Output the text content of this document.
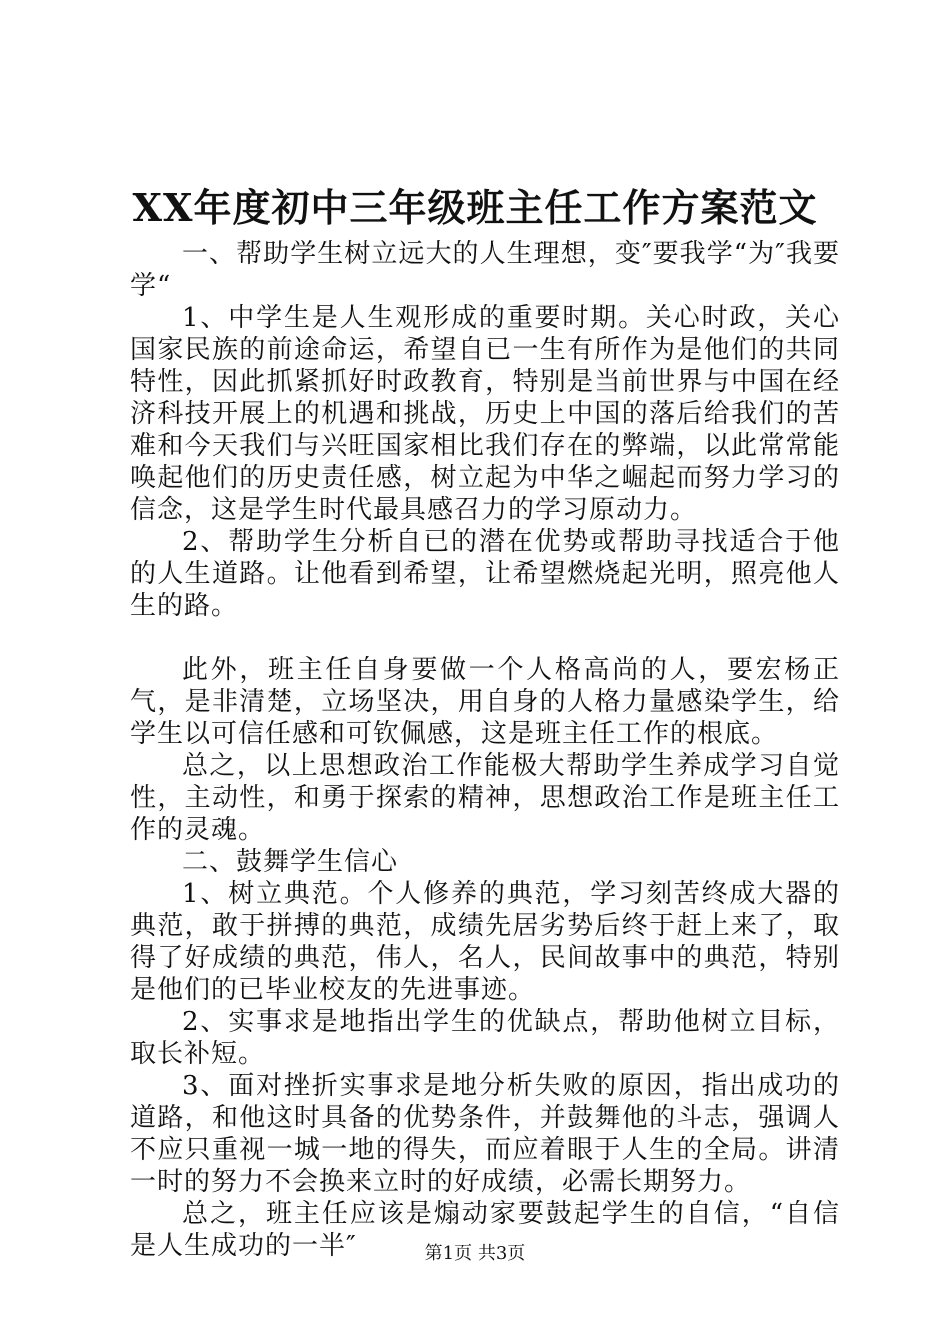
XX年度初中三年级班主任工作方案范文

一、帮助学生树立远大的人生理想，变″要我学“为″我要学“

1、中学生是人生观形成的重要时期。关心时政，关心国家民族的前途命运，希望自已一生有所作为是他们的共同特性，因此抓紧抓好时政教育，特别是当前世界与中国在经济科技开展上的机遇和挑战，历史上中国的落后给我们的苦难和今天我们与兴旺国家相比我们存在的弊端，以此常常能唤起他们的历史责任感，树立起为中华之崛起而努力学习的信念，这是学生时代最具感召力的学习原动力。

2、帮助学生分析自已的潜在优势或帮助寻找适合于他的人生道路。让他看到希望，让希望燃烧起光明，照亮他人生的路。

此外，班主任自身要做一个人格高尚的人，要宏杨正气，是非清楚，立场坚决，用自身的人格力量感染学生，给学生以可信任感和可钦佩感，这是班主任工作的根底。

总之，以上思想政治工作能极大帮助学生养成学习自觉性，主动性，和勇于探索的精神，思想政治工作是班主任工作的灵魂。

二、鼓舞学生信心

1、树立典范。个人修养的典范，学习刻苦终成大器的典范，敢于拼搏的典范，成绩先居劣势后终于赶上来了，取得了好成绩的典范，伟人，名人，民间故事中的典范，特别是他们的已毕业校友的先进事迹。

2、实事求是地指出学生的优缺点，帮助他树立目标，取长补短。

3、面对挫折实事求是地分析失败的原因，指出成功的道路，和他这时具备的优势条件，并鼓舞他的斗志，强调人不应只重视一城一地的得失，而应着眼于人生的全局。讲清一时的努力不会换来立时的好成绩，必需长期努力。

总之，班主任应该是煽动家要鼓起学生的自信，“自信是人生成功的一半″	第1页 共3页
